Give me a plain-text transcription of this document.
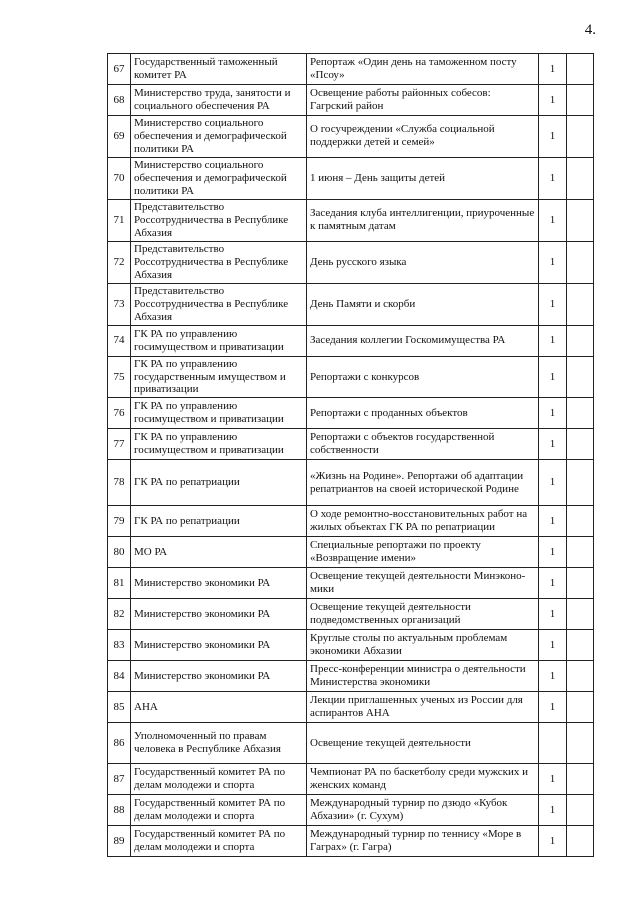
4.
67	Государственный таможенный комитет РА	Репортаж «Один день на таможенном посту «Псоу»	1	
68	Министерство труда, занятости и социального обеспечения РА	Освещение работы районных собесов: Гагрский район	1	
69	Министерство социального обеспечения и демографической политики РА	О госучреждении «Служба социальной поддержки детей и семей»	1	
70	Министерство социального обеспечения и демографической политики РА	1 июня – День защиты детей	1	
71	Представительство Россотрудничества в Республике Абхазия	Заседания клуба интеллигенции, приуроченные к памятным датам	1	
72	Представительство Россотрудничества в Республике Абхазия	День русского языка	1	
73	Представительство Россотрудничества в Республике Абхазия	День Памяти и скорби	1	
74	ГК РА по управлению госимуществом и приватизации	Заседания коллегии Госкомимущества РА	1	
75	ГК РА по управлению государственным имуществом и приватизации	Репортажи с конкурсов	1	
76	ГК РА по управлению госимуществом и приватизации	Репортажи с проданных объектов	1	
77	ГК РА по управлению госимуществом и приватизации	Репортажи с объектов государственной собственности	1	
78	ГК РА по репатриации	«Жизнь на Родине». Репортажи об адаптации репатриантов на своей исторической Родине	1	
79	ГК РА по репатриации	О ходе ремонтно-восстановительных работ на жилых объектах ГК РА по репатриации	1	
80	МО РА	Специальные репортажи по проекту «Возвращение имени»	1	
81	Министерство экономики РА	Освещение текущей деятельности Минэконо-мики	1	
82	Министерство экономики РА	Освещение текущей деятельности подведомственных организаций	1	
83	Министерство экономики РА	Круглые столы по актуальным проблемам экономики Абхазии	1	
84	Министерство экономики РА	Пресс-конференции министра о деятельности Министерства экономики	1	
85	АНА	Лекции приглашенных ученых из России для аспирантов АНА	1	
86	Уполномоченный по правам человека в Республике Абхазия	Освещение текущей деятельности		
87	Государственный комитет РА по делам молодежи и спорта	Чемпионат РА по баскетболу среди мужских и женских команд	1	
88	Государственный комитет РА по делам молодежи и спорта	Международный турнир по дзюдо «Кубок Абхазии» (г. Сухум)	1	
89	Государственный комитет РА по делам молодежи и спорта	Международный турнир по теннису «Море в Гаграх» (г. Гагра)	1	
